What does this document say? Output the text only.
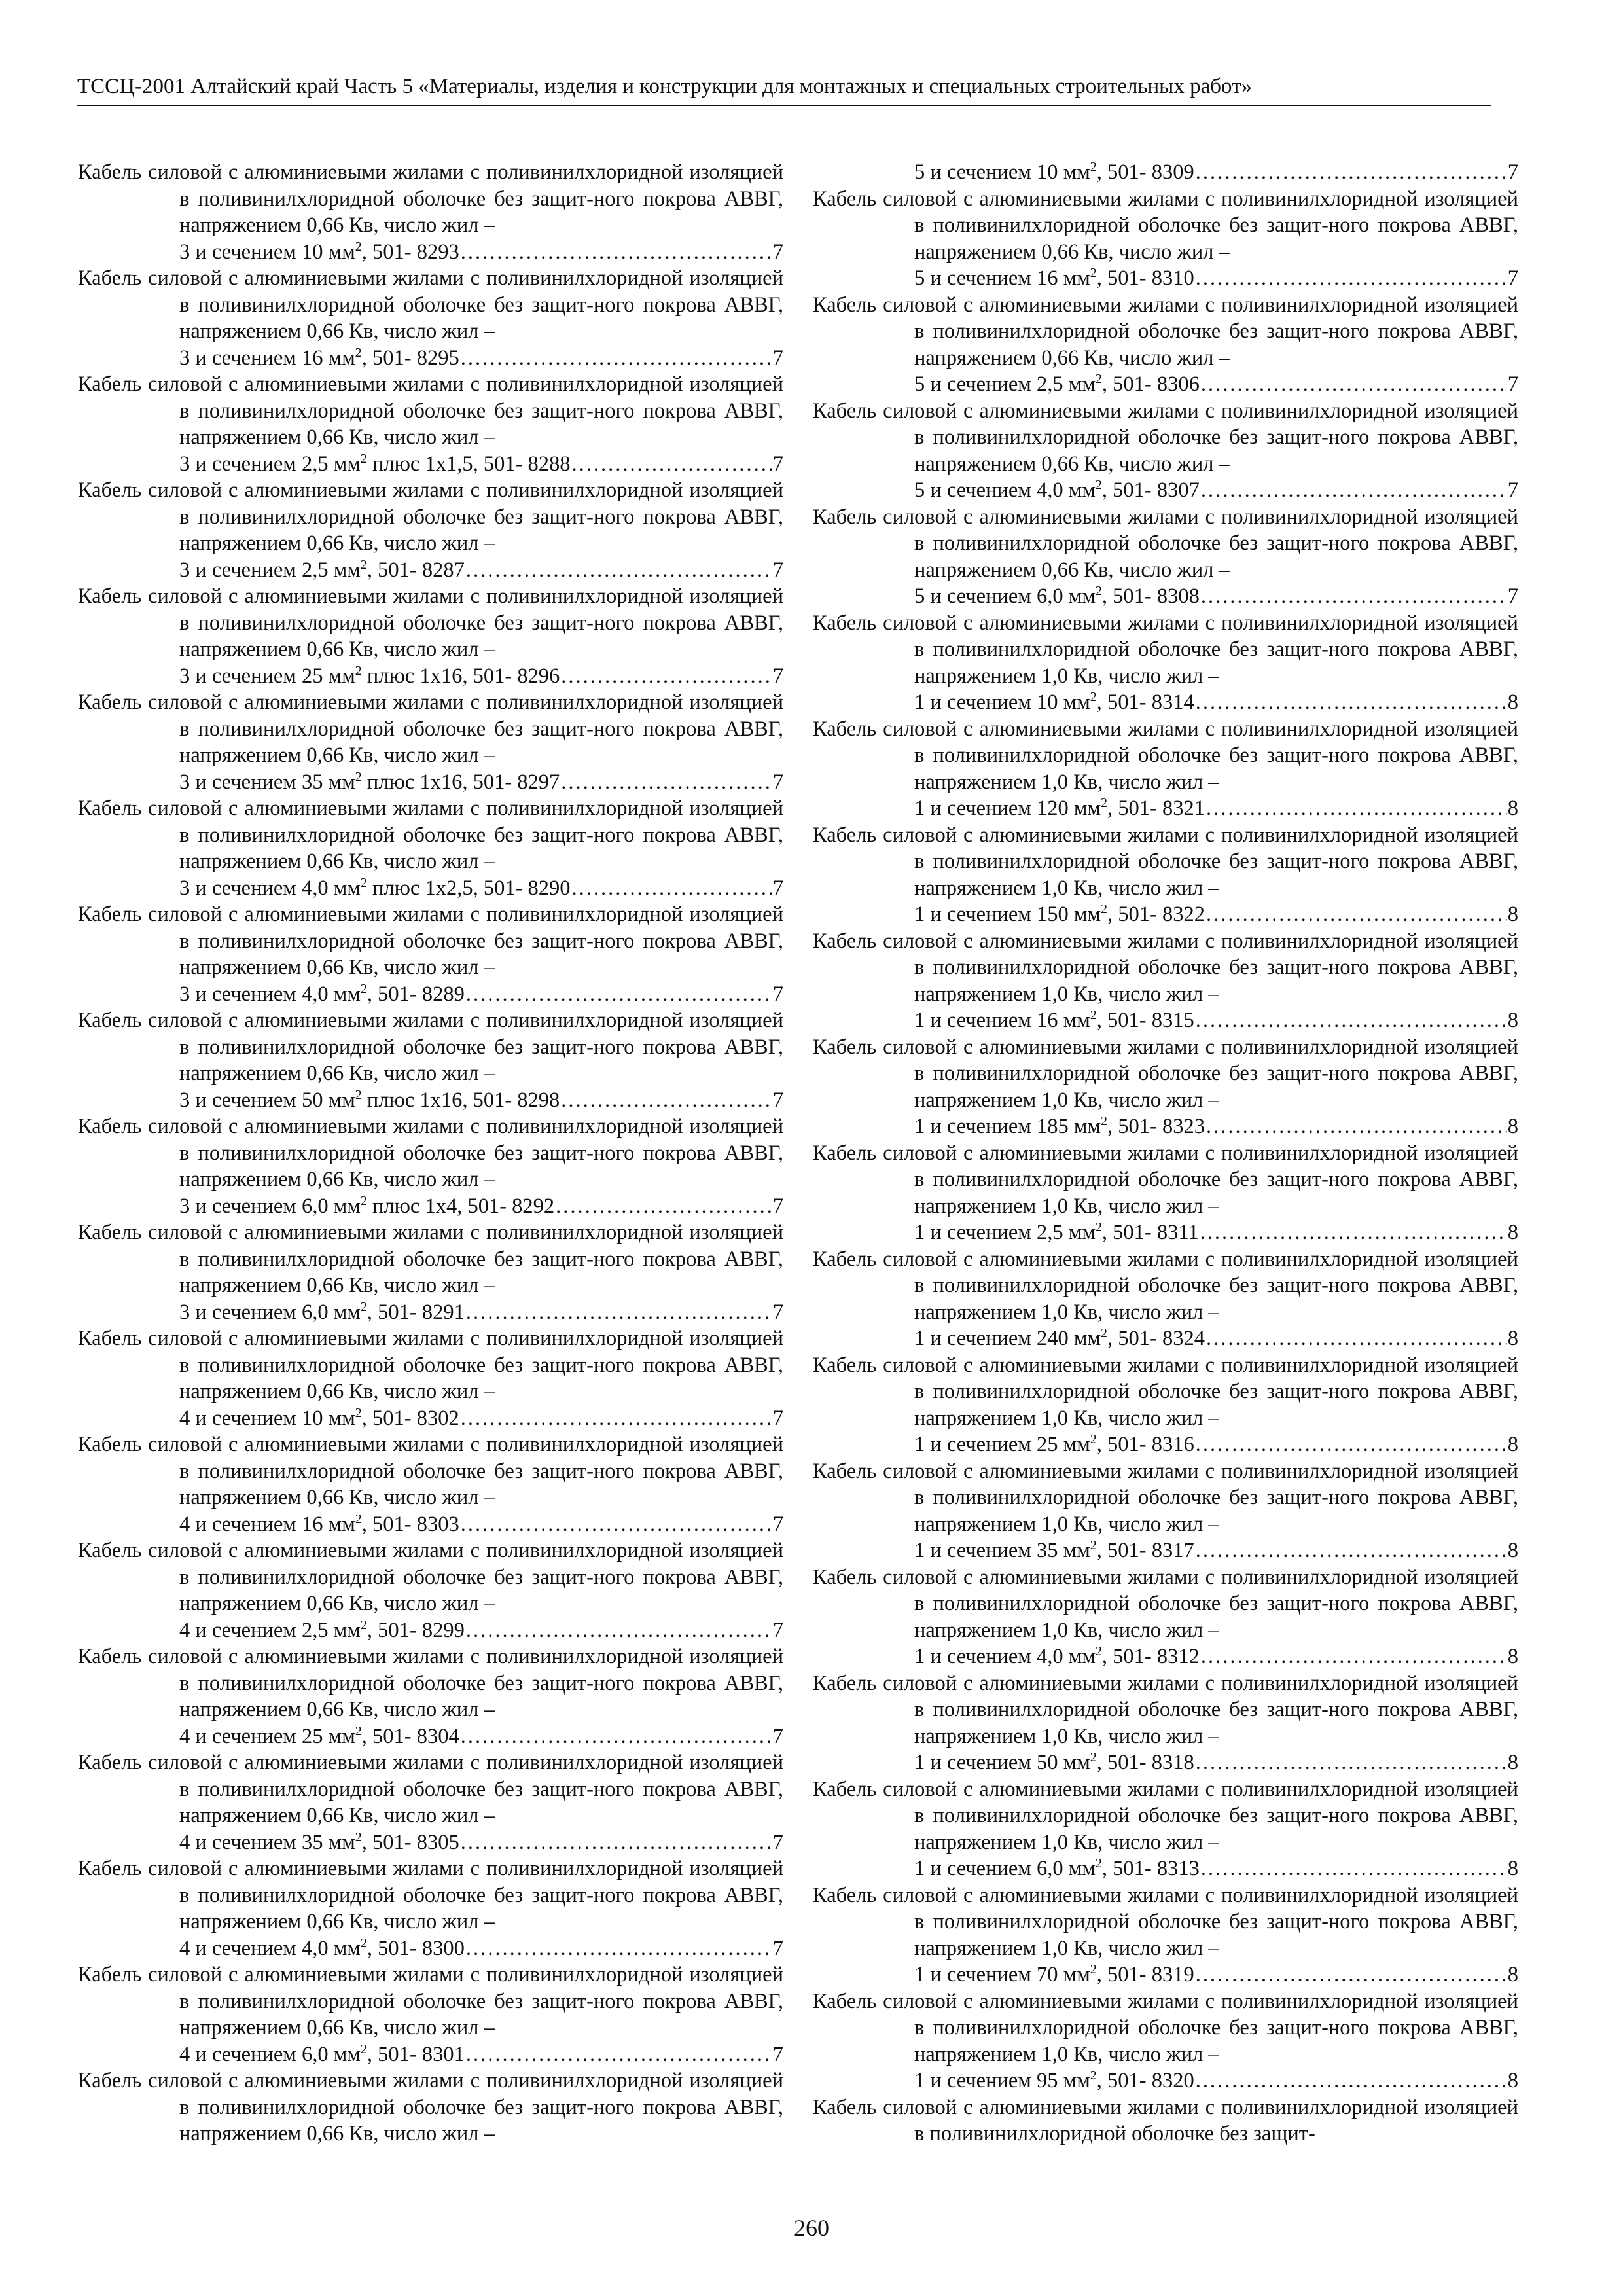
ТССЦ-2001 Алтайский край Часть 5 «Материалы, изделия и конструкции для монтажных и специальных строительных работ»
Кабель силовой с алюминиевыми жилами с поливинилхлоридной изоляцией в поливинилхлоридной оболочке без защит-ного покрова АВВГ, напряжением 0,66 Кв, число жил –
3 и сечением 10 $мм^2$, 501- 8293 .....	7
Кабель силовой с алюминиевыми жилами с поливинилхлоридной изоляцией в поливинилхлоридной оболочке без защит-ного покрова АВВГ, напряжением 0,66 Кв, число жил –
3 и сечением 16 $мм^2$, 501- 8295 .....	7
Кабель силовой с алюминиевыми жилами с поливинилхлоридной изоляцией в поливинилхлоридной оболочке без защит-ного покрова АВВГ, напряжением 0,66 Кв, число жил –
3 и сечением 2,5 $мм^2$ плюс 1x1,5, 501- 8288 .....	7
Кабель силовой с алюминиевыми жилами с поливинилхлоридной изоляцией в поливинилхлоридной оболочке без защит-ного покрова АВВГ, напряжением 0,66 Кв, число жил –
3 и сечением 2,5 $мм^2$, 501- 8287 .....	7
Кабель силовой с алюминиевыми жилами с поливинилхлоридной изоляцией в поливинилхлоридной оболочке без защит-ного покрова АВВГ, напряжением 0,66 Кв, число жил –
3 и сечением 25 $мм^2$ плюс 1x16, 501- 8296 .....	7
Кабель силовой с алюминиевыми жилами с поливинилхлоридной изоляцией в поливинилхлоридной оболочке без защит-ного покрова АВВГ, напряжением 0,66 Кв, число жил –
3 и сечением 35 $мм^2$ плюс 1x16, 501- 8297 .....	7
Кабель силовой с алюминиевыми жилами с поливинилхлоридной изоляцией в поливинилхлоридной оболочке без защит-ного покрова АВВГ, напряжением 0,66 Кв, число жил –
3 и сечением 4,0 $мм^2$ плюс 1x2,5, 501- 8290 .....	7
Кабель силовой с алюминиевыми жилами с поливинилхлоридной изоляцией в поливинилхлоридной оболочке без защит-ного покрова АВВГ, напряжением 0,66 Кв, число жил –
3 и сечением 4,0 $мм^2$, 501- 8289 .....	7
Кабель силовой с алюминиевыми жилами с поливинилхлоридной изоляцией в поливинилхлоридной оболочке без защит-ного покрова АВВГ, напряжением 0,66 Кв, число жил –
3 и сечением 50 $мм^2$ плюс 1x16, 501- 8298 .....	7
Кабель силовой с алюминиевыми жилами с поливинилхлоридной изоляцией в поливинилхлоридной оболочке без защит-ного покрова АВВГ, напряжением 0,66 Кв, число жил –
3 и сечением 6,0 $мм^2$ плюс 1x4, 501- 8292 .....	7
Кабель силовой с алюминиевыми жилами с поливинилхлоридной изоляцией в поливинилхлоридной оболочке без защит-ного покрова АВВГ, напряжением 0,66 Кв, число жил –
3 и сечением 6,0 $мм^2$, 501- 8291 .....	7
Кабель силовой с алюминиевыми жилами с поливинилхлоридной изоляцией в поливинилхлоридной оболочке без защит-ного покрова АВВГ, напряжением 0,66 Кв, число жил –
4 и сечением 10 $мм^2$, 501- 8302 .....	7
Кабель силовой с алюминиевыми жилами с поливинилхлоридной изоляцией в поливинилхлоридной оболочке без защит-ного покрова АВВГ, напряжением 0,66 Кв, число жил –
4 и сечением 16 $мм^2$, 501- 8303 .....	7
Кабель силовой с алюминиевыми жилами с поливинилхлоридной изоляцией в поливинилхлоридной оболочке без защит-ного покрова АВВГ, напряжением 0,66 Кв, число жил –
4 и сечением 2,5 $мм^2$, 501- 8299 .....	7
Кабель силовой с алюминиевыми жилами с поливинилхлоридной изоляцией в поливинилхлоридной оболочке без защит-ного покрова АВВГ, напряжением 0,66 Кв, число жил –
4 и сечением 25 $мм^2$, 501- 8304 .....	7
Кабель силовой с алюминиевыми жилами с поливинилхлоридной изоляцией в поливинилхлоридной оболочке без защит-ного покрова АВВГ, напряжением 0,66 Кв, число жил –
4 и сечением 35 $мм^2$, 501- 8305 .....	7
Кабель силовой с алюминиевыми жилами с поливинилхлоридной изоляцией в поливинилхлоридной оболочке без защит-ного покрова АВВГ, напряжением 0,66 Кв, число жил –
4 и сечением 4,0 $мм^2$, 501- 8300 .....	7
Кабель силовой с алюминиевыми жилами с поливинилхлоридной изоляцией в поливинилхлоридной оболочке без защит-ного покрова АВВГ, напряжением 0,66 Кв, число жил –
4 и сечением 6,0 $мм^2$, 501- 8301 .....	7
Кабель силовой с алюминиевыми жилами с поливинилхлоридной изоляцией в поливинилхлоридной оболочке без защит-ного покрова АВВГ, напряжением 0,66 Кв, число жил –
5 и сечением 10 $мм^2$, 501- 8309 .....	7
Кабель силовой с алюминиевыми жилами с поливинилхлоридной изоляцией в поливинилхлоридной оболочке без защит-ного покрова АВВГ, напряжением 0,66 Кв, число жил –
5 и сечением 16 $мм^2$, 501- 8310 .....	7
Кабель силовой с алюминиевыми жилами с поливинилхлоридной изоляцией в поливинилхлоридной оболочке без защит-ного покрова АВВГ, напряжением 0,66 Кв, число жил –
5 и сечением 2,5 $мм^2$, 501- 8306 .....	7
Кабель силовой с алюминиевыми жилами с поливинилхлоридной изоляцией в поливинилхлоридной оболочке без защит-ного покрова АВВГ, напряжением 0,66 Кв, число жил –
5 и сечением 4,0 $мм^2$, 501- 8307 .....	7
Кабель силовой с алюминиевыми жилами с поливинилхлоридной изоляцией в поливинилхлоридной оболочке без защит-ного покрова АВВГ, напряжением 0,66 Кв, число жил –
5 и сечением 6,0 $мм^2$, 501- 8308 .....	7
Кабель силовой с алюминиевыми жилами с поливинилхлоридной изоляцией в поливинилхлоридной оболочке без защит-ного покрова АВВГ, напряжением 1,0 Кв, число жил –
1 и сечением 10 $мм^2$, 501- 8314 .....	8
Кабель силовой с алюминиевыми жилами с поливинилхлоридной изоляцией в поливинилхлоридной оболочке без защит-ного покрова АВВГ, напряжением 1,0 Кв, число жил –
1 и сечением 120 $мм^2$, 501- 8321 .....	8
Кабель силовой с алюминиевыми жилами с поливинилхлоридной изоляцией в поливинилхлоридной оболочке без защит-ного покрова АВВГ, напряжением 1,0 Кв, число жил –
1 и сечением 150 $мм^2$, 501- 8322 .....	8
Кабель силовой с алюминиевыми жилами с поливинилхлоридной изоляцией в поливинилхлоридной оболочке без защит-ного покрова АВВГ, напряжением 1,0 Кв, число жил –
1 и сечением 16 $мм^2$, 501- 8315 .....	8
Кабель силовой с алюминиевыми жилами с поливинилхлоридной изоляцией в поливинилхлоридной оболочке без защит-ного покрова АВВГ, напряжением 1,0 Кв, число жил –
1 и сечением 185 $мм^2$, 501- 8323 .....	8
Кабель силовой с алюминиевыми жилами с поливинилхлоридной изоляцией в поливинилхлоридной оболочке без защит-ного покрова АВВГ, напряжением 1,0 Кв, число жил –
1 и сечением 2,5 $мм^2$, 501- 8311 .....	8
Кабель силовой с алюминиевыми жилами с поливинилхлоридной изоляцией в поливинилхлоридной оболочке без защит-ного покрова АВВГ, напряжением 1,0 Кв, число жил –
1 и сечением 240 $мм^2$, 501- 8324 .....	8
Кабель силовой с алюминиевыми жилами с поливинилхлоридной изоляцией в поливинилхлоридной оболочке без защит-ного покрова АВВГ, напряжением 1,0 Кв, число жил –
1 и сечением 25 $мм^2$, 501- 8316 .....	8
Кабель силовой с алюминиевыми жилами с поливинилхлоридной изоляцией в поливинилхлоридной оболочке без защит-ного покрова АВВГ, напряжением 1,0 Кв, число жил –
1 и сечением 35 $мм^2$, 501- 8317 .....	8
Кабель силовой с алюминиевыми жилами с поливинилхлоридной изоляцией в поливинилхлоридной оболочке без защит-ного покрова АВВГ, напряжением 1,0 Кв, число жил –
1 и сечением 4,0 $мм^2$, 501- 8312 .....	8
Кабель силовой с алюминиевыми жилами с поливинилхлоридной изоляцией в поливинилхлоридной оболочке без защит-ного покрова АВВГ, напряжением 1,0 Кв, число жил –
1 и сечением 50 $мм^2$, 501- 8318 .....	8
Кабель силовой с алюминиевыми жилами с поливинилхлоридной изоляцией в поливинилхлоридной оболочке без защит-ного покрова АВВГ, напряжением 1,0 Кв, число жил –
1 и сечением 6,0 $мм^2$, 501- 8313 .....	8
Кабель силовой с алюминиевыми жилами с поливинилхлоридной изоляцией в поливинилхлоридной оболочке без защит-ного покрова АВВГ, напряжением 1,0 Кв, число жил –
1 и сечением 70 $мм^2$, 501- 8319 .....	8
Кабель силовой с алюминиевыми жилами с поливинилхлоридной изоляцией в поливинилхлоридной оболочке без защит-ного покрова АВВГ, напряжением 1,0 Кв, число жил –
1 и сечением 95 $мм^2$, 501- 8320 .....	8
Кабель силовой с алюминиевыми жилами с поливинилхлоридной изоляцией в поливинилхлоридной оболочке без защит-
260
